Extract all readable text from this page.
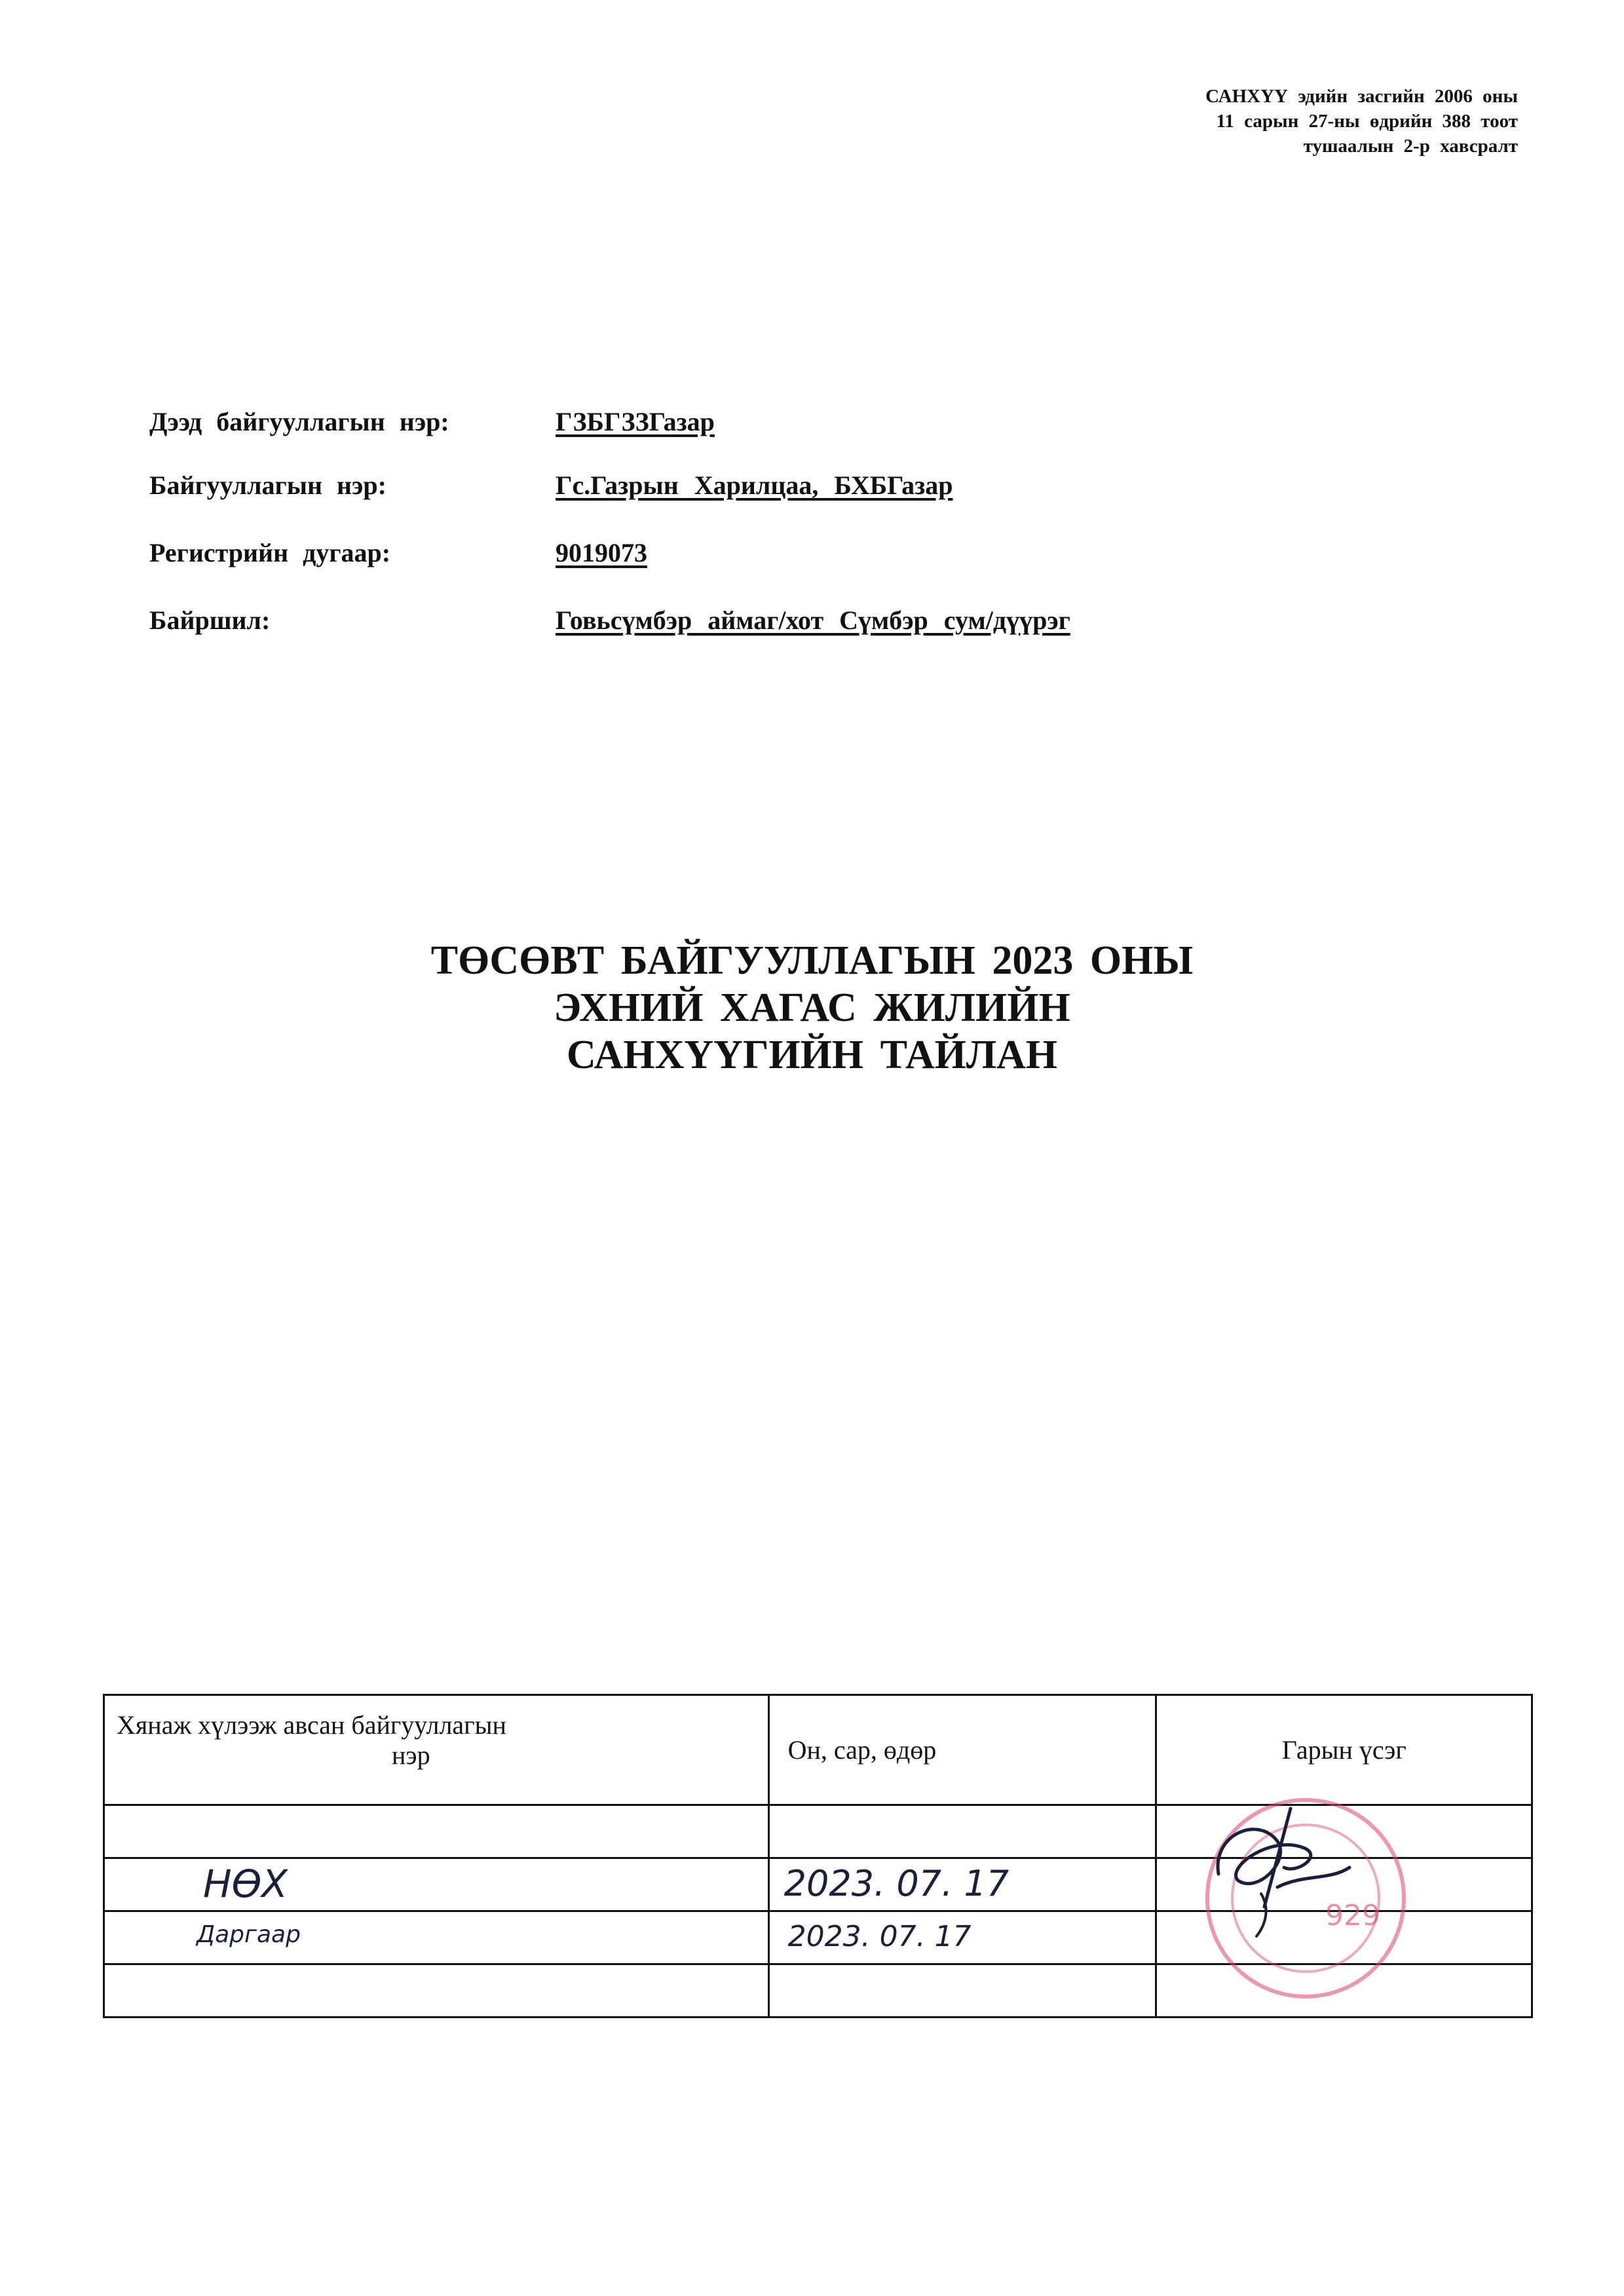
САНХҮҮ эдийн засгийн 2006 оны
11 сарын 27-ны өдрийн 388 тоот
тушаалын 2-р хавсралт
Дээд байгууллагын нэр:	ГЗБГЗЗГазар
Байгууллагын нэр:	Гс.Газрын Харилцаа, БХБГазар
Регистрийн дугаар:	9019073
Байршил:	Говьсүмбэр аймаг/хот Сүмбэр сум/дүүрэг
ТӨСӨВТ БАЙГУУЛЛАГЫН 2023 ОНЫ
ЭХНИЙ ХАГАС ЖИЛИЙН
САНХҮҮГИЙН ТАЙЛАН
Хянаж хүлээж авсан байгууллагын
нэр	Он, сар, өдөр	Гарын үсэг

НӨХ	2023. 07. 17	

Даргаар	2023. 07. 17	

929
